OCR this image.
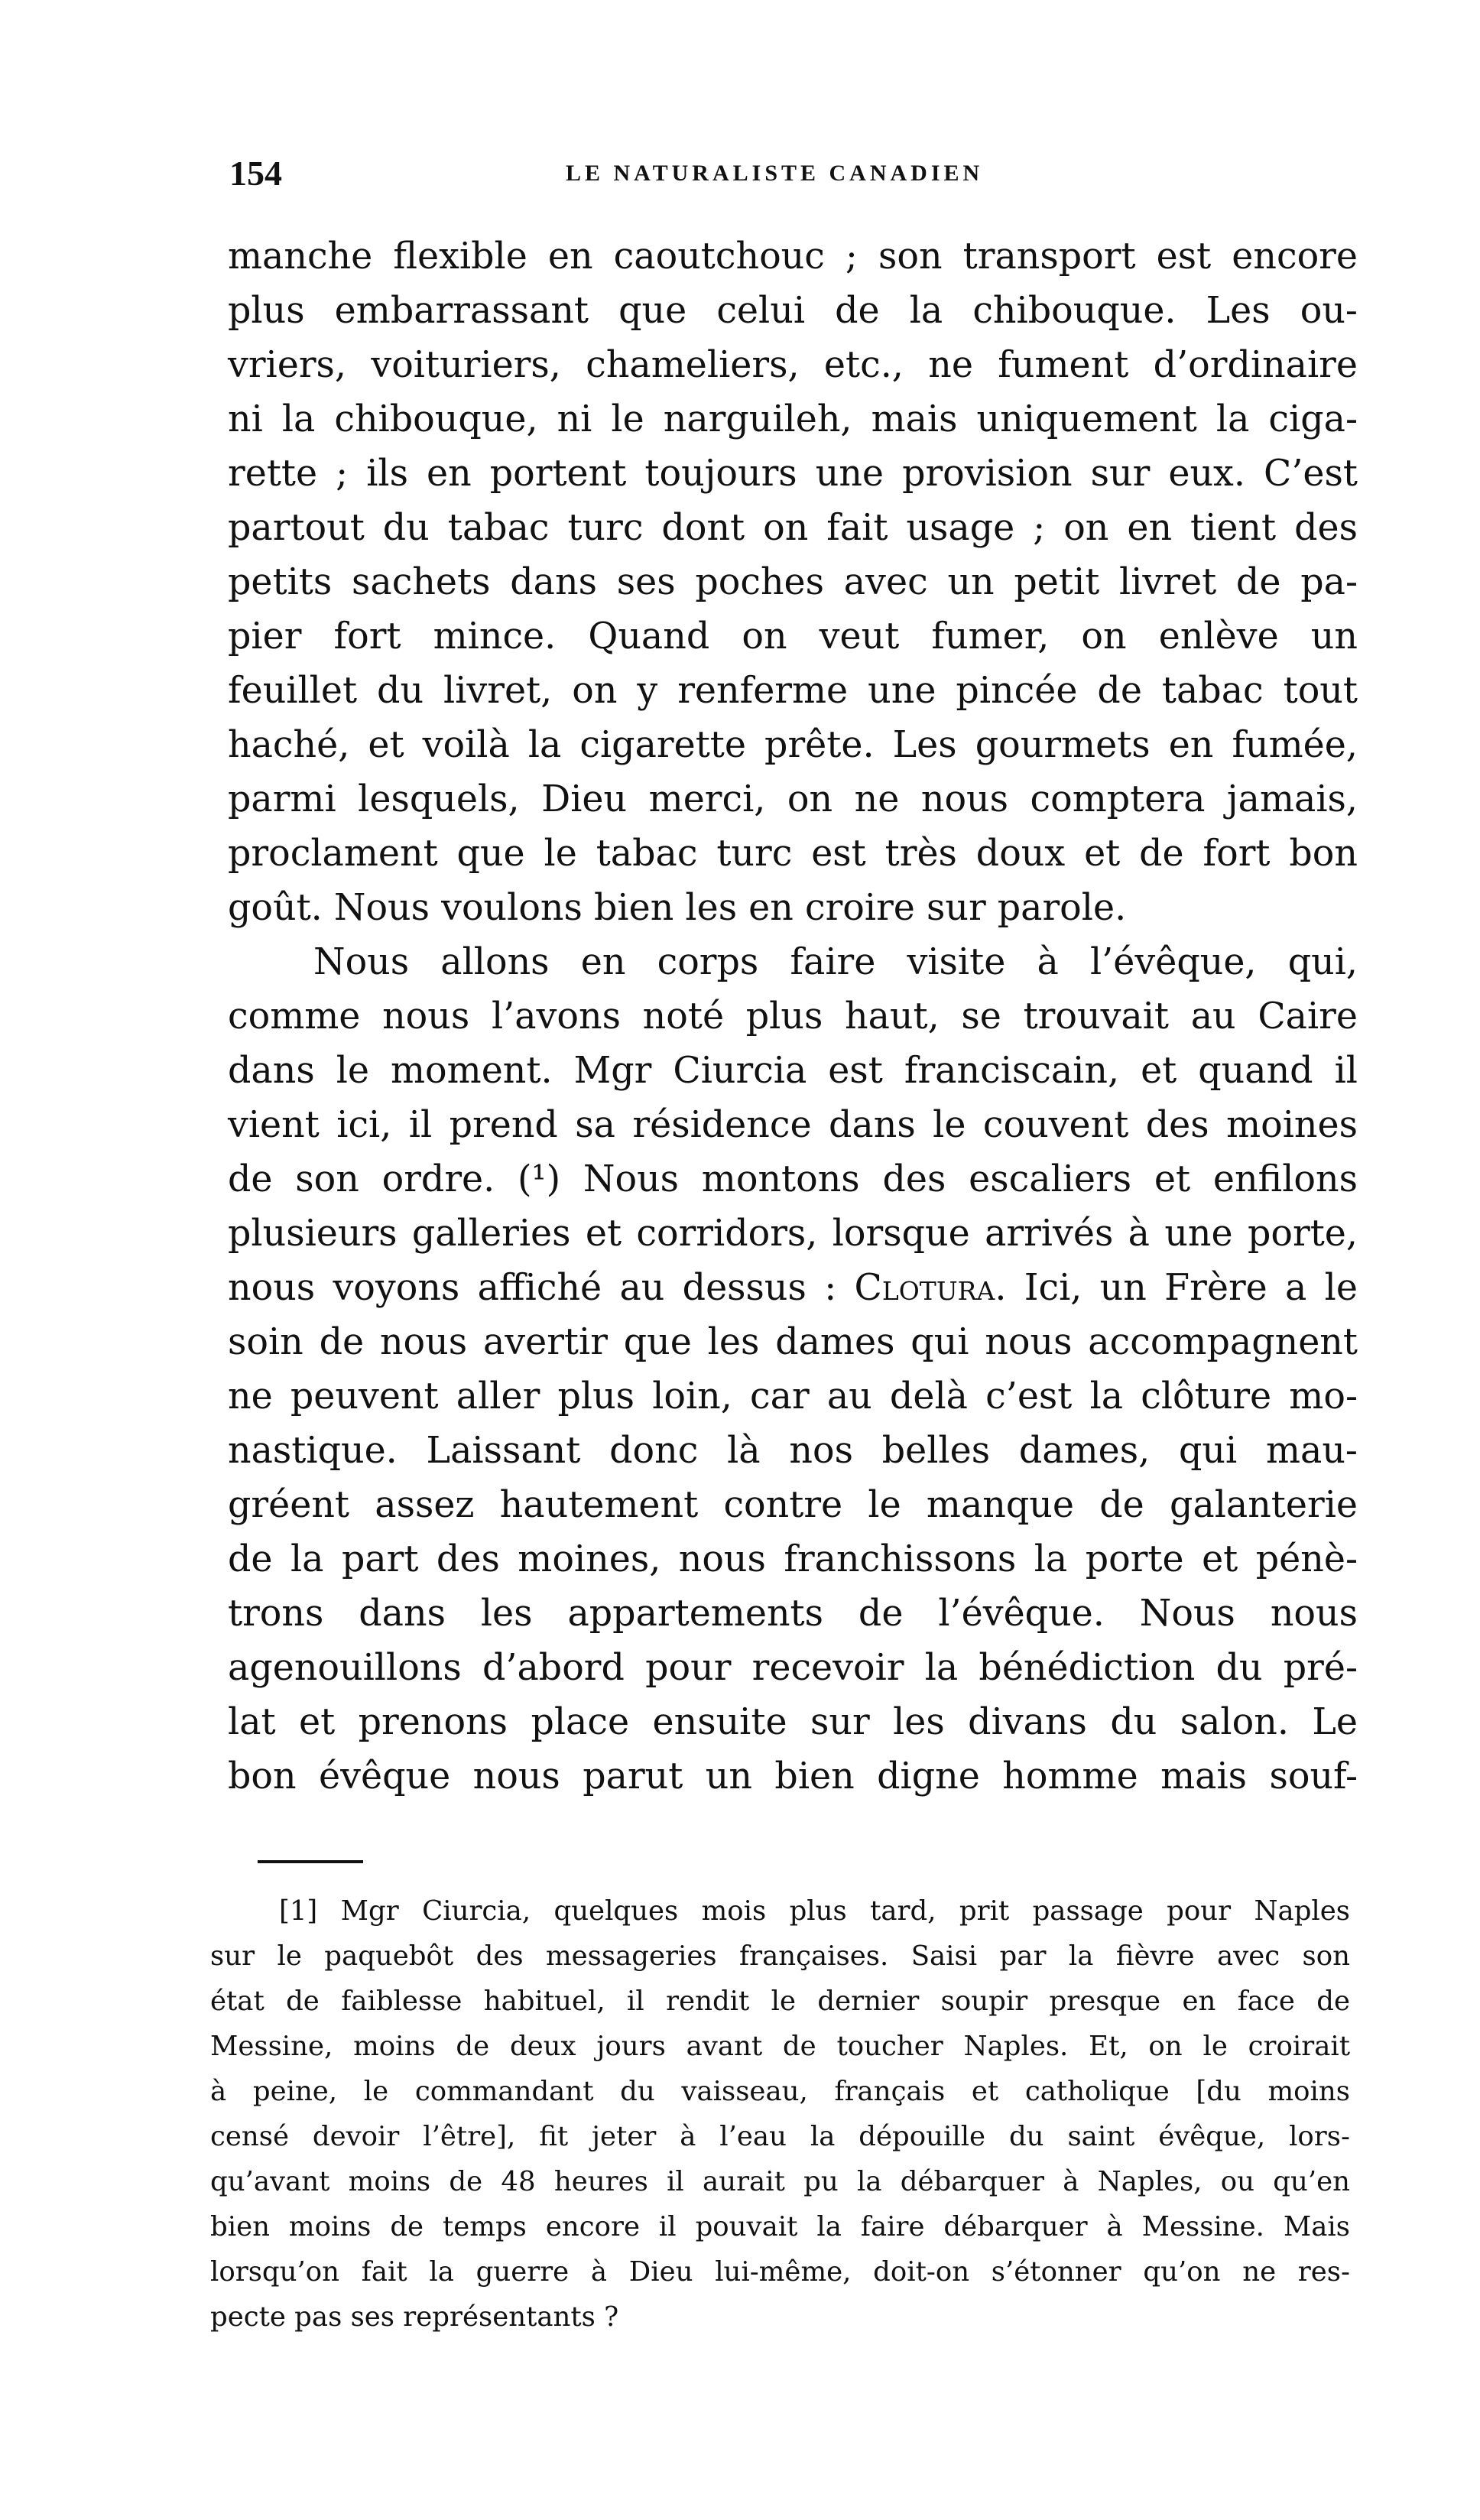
154	LE NATURALISTE CANADIEN
manche flexible en caoutchouc ; son transport est encore
plus embarrassant que celui de la chibouque. Les ou-
vriers, voituriers, chameliers, etc., ne fument d’ordinaire
ni la chibouque, ni le narguileh, mais uniquement la ciga-
rette ; ils en portent toujours une provision sur eux. C’est
partout du tabac turc dont on fait usage ; on en tient des
petits sachets dans ses poches avec un petit livret de pa-
pier fort mince. Quand on veut fumer, on enlève un
feuillet du livret, on y renferme une pincée de tabac tout
haché, et voilà la cigarette prête. Les gourmets en fumée,
parmi lesquels, Dieu merci, on ne nous comptera jamais,
proclament que le tabac turc est très doux et de fort bon
goût. Nous voulons bien les en croire sur parole.
Nous allons en corps faire visite à l’évêque, qui,
comme nous l’avons noté plus haut, se trouvait au Caire
dans le moment. Mgr Ciurcia est franciscain, et quand il
vient ici, il prend sa résidence dans le couvent des moines
de son ordre. (¹) Nous montons des escaliers et enfilons
plusieurs galleries et corridors, lorsque arrivés à une porte,
nous voyons affiché au dessus : Clotura. Ici, un Frère a le
soin de nous avertir que les dames qui nous accompagnent
ne peuvent aller plus loin, car au delà c’est la clôture mo-
nastique. Laissant donc là nos belles dames, qui mau-
gréent assez hautement contre le manque de galanterie
de la part des moines, nous franchissons la porte et pénè-
trons dans les appartements de l’évêque. Nous nous
agenouillons d’abord pour recevoir la bénédiction du pré-
lat et prenons place ensuite sur les divans du salon. Le
bon évêque nous parut un bien digne homme mais souf-
[1] Mgr Ciurcia, quelques mois plus tard, prit passage pour Naples
sur le paquebôt des messageries françaises. Saisi par la fièvre avec son
état de faiblesse habituel, il rendit le dernier soupir presque en face de
Messine, moins de deux jours avant de toucher Naples. Et, on le croirait
à peine, le commandant du vaisseau, français et catholique [du moins
censé devoir l’être], fit jeter à l’eau la dépouille du saint évêque, lors-
qu’avant moins de 48 heures il aurait pu la débarquer à Naples, ou qu’en
bien moins de temps encore il pouvait la faire débarquer à Messine. Mais
lorsqu’on fait la guerre à Dieu lui-même, doit-on s’étonner qu’on ne res-
pecte pas ses représentants ?
